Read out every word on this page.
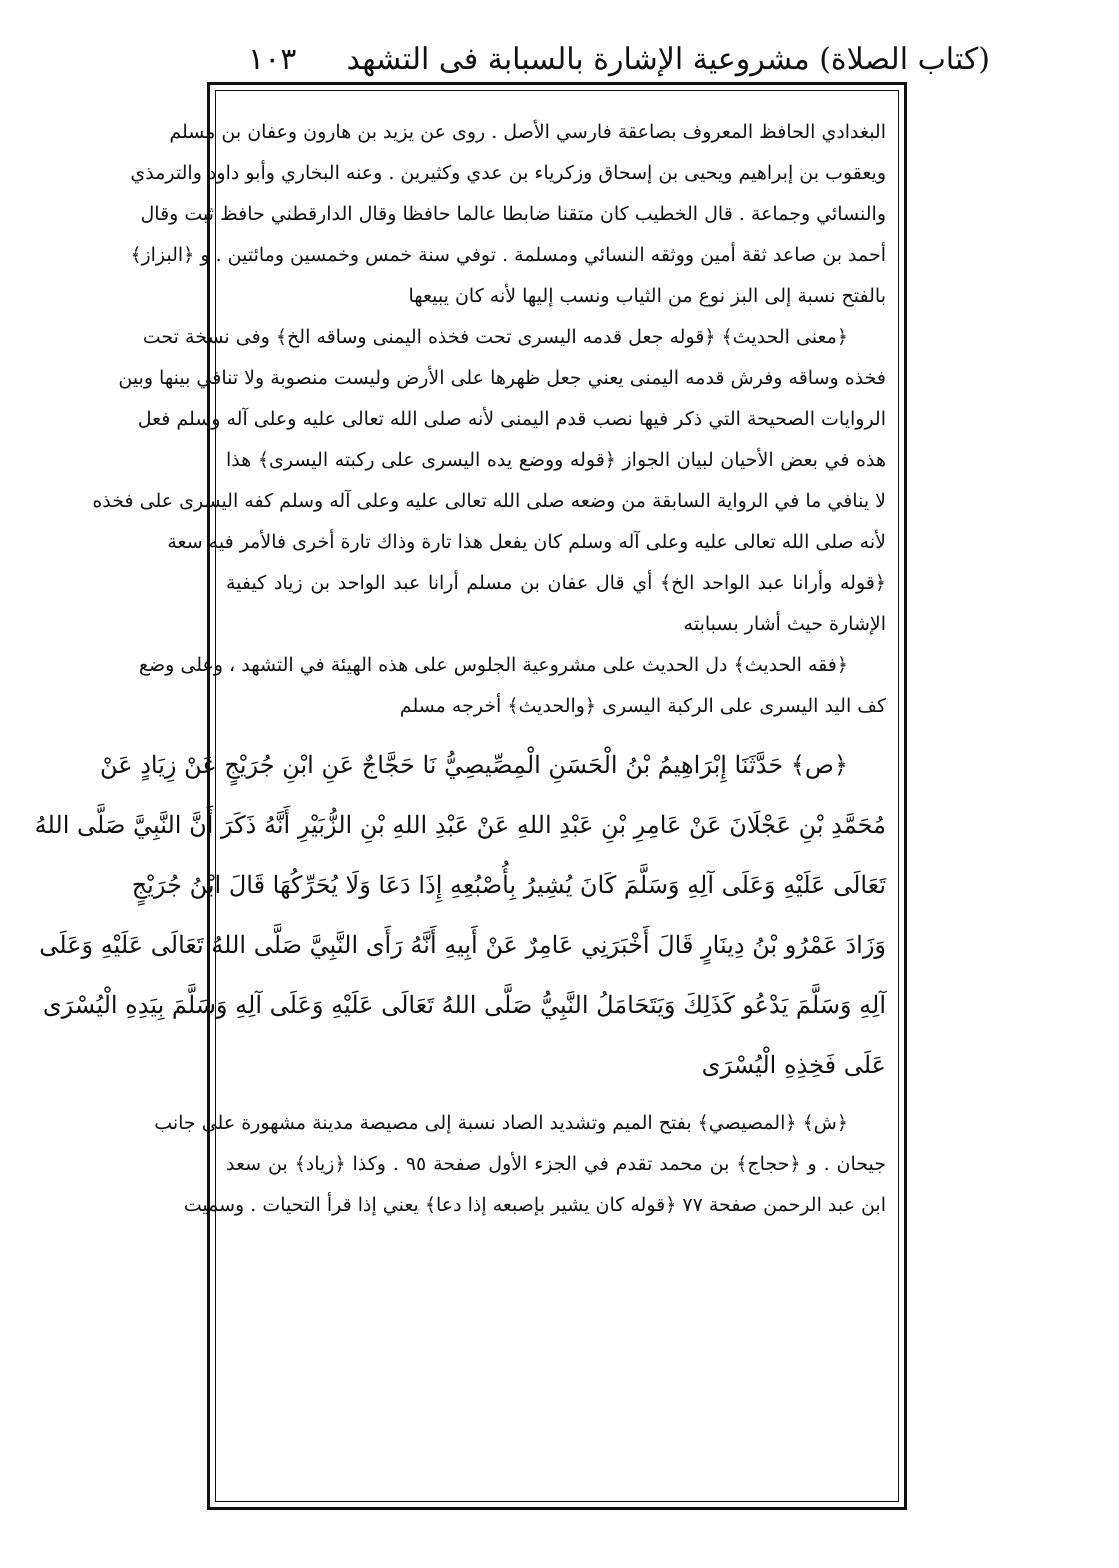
(كتاب الصلاة) مشروعية الإشارة بالسبابة فى التشهد
١٠٣
البغدادي الحافظ المعروف بصاعقة فارسي الأصل . روى عن يزيد بن هارون وعفان بن مسلم
ويعقوب بن إبراهيم ويحيى بن إسحاق وزكرياء بن عدي وكثيرين . وعنه البخاري وأبو داود والترمذي
والنسائي وجماعة . قال الخطيب كان متقنا ضابطا عالما حافظا وقال الدارقطني حافظ ثبت وقال
أحمد بن صاعد ثقة أمين ووثقه النسائي ومسلمة . توفي سنة خمس وخمسين ومائتين . و ﴿البزاز﴾
بالفتح نسبة إلى البز نوع من الثياب ونسب إليها لأنه كان يبيعها
﴿معنى الحديث﴾ ﴿قوله جعل قدمه اليسرى تحت فخذه اليمنى وساقه الخ﴾ وفى نسخة تحت
فخذه وساقه وفرش قدمه اليمنى يعني جعل ظهرها على الأرض وليست منصوبة ولا تنافي بينها وبين
الروايات الصحيحة التي ذكر فيها نصب قدم اليمنى لأنه صلى الله تعالى عليه وعلى آله وسلم فعل
هذه في بعض الأحيان لبيان الجواز ﴿قوله ووضع يده اليسرى على ركبته اليسرى﴾ هذا
لا ينافي ما في الرواية السابقة من وضعه صلى الله تعالى عليه وعلى آله وسلم كفه اليسرى على فخذه
لأنه صلى الله تعالى عليه وعلى آله وسلم كان يفعل هذا تارة وذاك تارة أخرى فالأمر فيه سعة
﴿قوله وأرانا عبد الواحد الخ﴾ أي قال عفان بن مسلم أرانا عبد الواحد بن زياد كيفية
الإشارة حيث أشار بسبابته
﴿فقه الحديث﴾ دل الحديث على مشروعية الجلوس على هذه الهيئة في التشهد ، وعلى وضع
كف اليد اليسرى على الركبة اليسرى ﴿والحديث﴾ أخرجه مسلم
﴿ص﴾ حَدَّثَنَا إِبْرَاهِيمُ بْنُ الْحَسَنِ الْمِصِّيصِيُّ نَا حَجَّاجٌ عَنِ ابْنِ جُرَيْجٍ عَنْ زِيَادٍ عَنْ
مُحَمَّدِ بْنِ عَجْلَانَ عَنْ عَامِرِ بْنِ عَبْدِ اللهِ عَنْ عَبْدِ اللهِ بْنِ الزُّبَيْرِ أَنَّهُ ذَكَرَ أَنَّ النَّبِيَّ صَلَّى اللهُ
تَعَالَى عَلَيْهِ وَعَلَى آلِهِ وَسَلَّمَ كَانَ يُشِيرُ بِأُصْبُعِهِ إِذَا دَعَا وَلَا يُحَرِّكُهَا قَالَ ابْنُ جُرَيْجٍ
وَزَادَ عَمْرُو بْنُ دِينَارٍ قَالَ أَخْبَرَنِي عَامِرٌ عَنْ أَبِيهِ أَنَّهُ رَأَى النَّبِيَّ صَلَّى اللهُ تَعَالَى عَلَيْهِ وَعَلَى
آلِهِ وَسَلَّمَ يَدْعُو كَذَلِكَ وَيَتَحَامَلُ النَّبِيُّ صَلَّى اللهُ تَعَالَى عَلَيْهِ وَعَلَى آلِهِ وَسَلَّمَ بِيَدِهِ الْيُسْرَى
عَلَى فَخِذِهِ الْيُسْرَى
﴿ش﴾ ﴿المصيصي﴾ بفتح الميم وتشديد الصاد نسبة إلى مصيصة مدينة مشهورة على جانب
جيحان . و ﴿حجاج﴾ بن محمد تقدم في الجزء الأول صفحة ٩٥ . وكذا ﴿زياد﴾ بن سعد
ابن عبد الرحمن صفحة ٧٧ ﴿قوله كان يشير بإصبعه إذا دعا﴾ يعني إذا قرأ التحيات . وسميت
